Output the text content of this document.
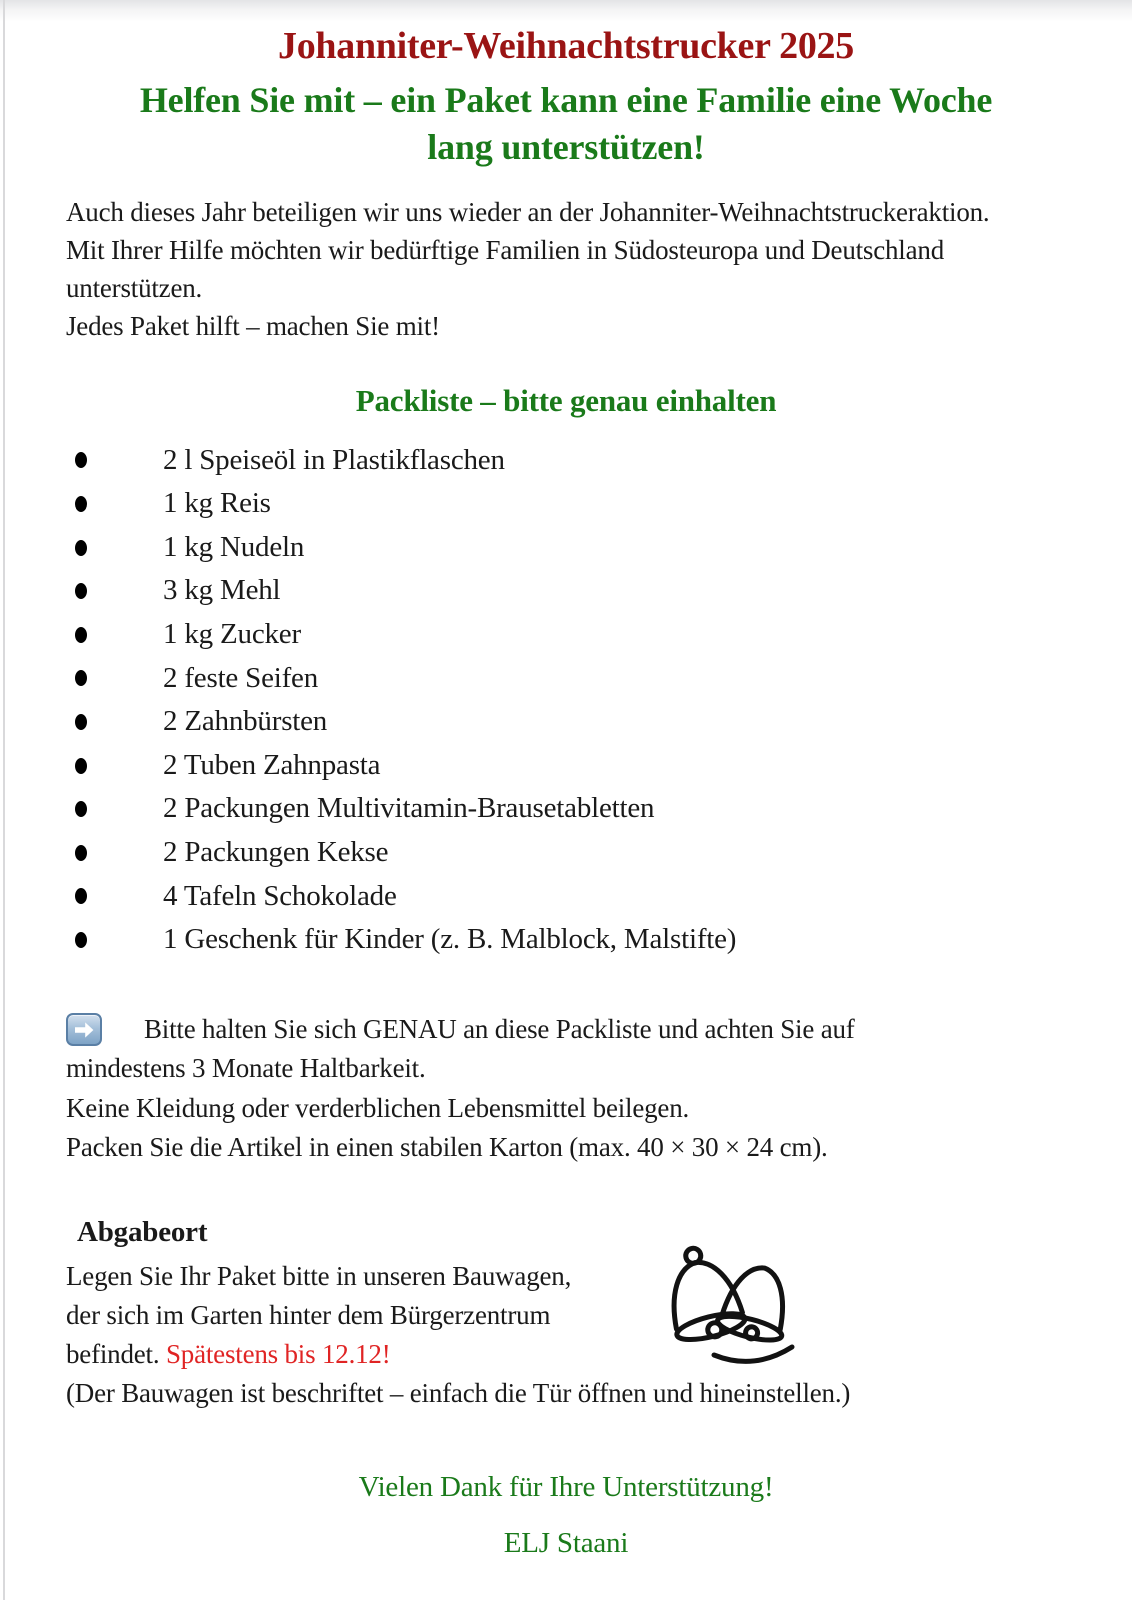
Johanniter-Weihnachtstrucker 2025
Helfen Sie mit – ein Paket kann eine Familie eine Woche
lang unterstützen!
Auch dieses Jahr beteiligen wir uns wieder an der Johanniter-Weihnachtstruckeraktion.
Mit Ihrer Hilfe möchten wir bedürftige Familien in Südosteuropa und Deutschland
unterstützen.
Jedes Paket hilft – machen Sie mit!
Packliste – bitte genau einhalten
2 l Speiseöl in Plastikflaschen
1 kg Reis
1 kg Nudeln
3 kg Mehl
1 kg Zucker
2 feste Seifen
2 Zahnbürsten
2 Tuben Zahnpasta
2 Packungen Multivitamin-Brausetabletten
2 Packungen Kekse
4 Tafeln Schokolade
1 Geschenk für Kinder (z. B. Malblock, Malstifte)
Bitte halten Sie sich GENAU an diese Packliste und achten Sie auf
mindestens 3 Monate Haltbarkeit.
Keine Kleidung oder verderblichen Lebensmittel beilegen.
Packen Sie die Artikel in einen stabilen Karton (max. 40 × 30 × 24 cm).
Abgabeort
Legen Sie Ihr Paket bitte in unseren Bauwagen,
der sich im Garten hinter dem Bürgerzentrum
befindet. Spätestens bis 12.12!
(Der Bauwagen ist beschriftet – einfach die Tür öffnen und hineinstellen.)
Vielen Dank für Ihre Unterstützung!
ELJ Staani
